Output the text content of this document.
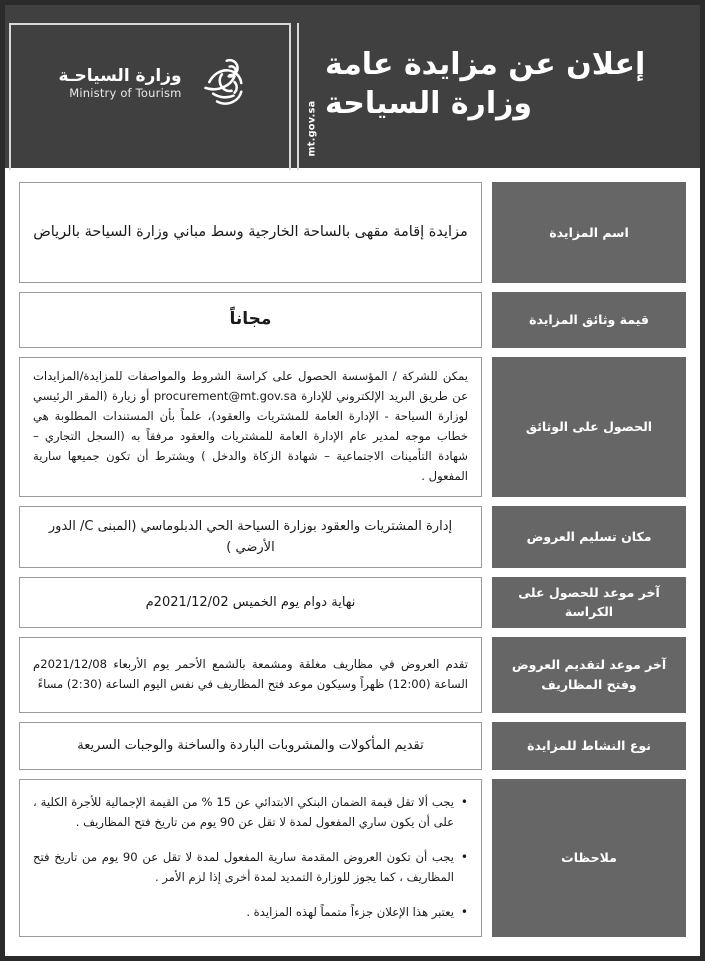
وزارة السياحـة
Ministry of Tourism
mt.gov.sa
إعلان عن مزايدة عامة
وزارة السياحة
اسم المزايدة
مزايدة إقامة مقهى بالساحة الخارجية وسط مباني وزارة السياحة بالرياض
قيمة وثائق المزايدة
مجاناً
الحصول على الوثائق
يمكن للشركة / المؤسسة الحصول على كراسة الشروط والمواصفات للمزايدة/المزايدات عن طريق البريد الإلكتروني للإدارة procurement@mt.gov.sa أو زيارة (المقر الرئيسي لوزارة السياحة - الإدارة العامة للمشتريات والعقود)، علماً بأن المستندات المطلوبة هي خطاب موجه لمدير عام الإدارة العامة للمشتريات والعقود مرفقاً به (السجل التجاري – شهادة التأمينات الاجتماعية – شهادة الزكاة والدخل ) ويشترط أن تكون جميعها سارية المفعول .
مكان تسليم العروض
إدارة المشتريات والعقود بوزارة السياحة الحي الدبلوماسي (المبنى C/ الدور الأرضي )
آخر موعد للحصول على الكراسة
نهاية دوام يوم الخميس 2021/12/02م
آخر موعد لتقديم العروض وفتح المظاريف
تقدم العروض في مظاريف مغلقة ومشمعة بالشمع الأحمر يوم الأربعاء 2021/12/08م الساعة (12:00) ظهراً وسيكون موعد فتح المظاريف في نفس اليوم الساعة (2:30) مساءً
نوع النشاط للمزايدة
تقديم المأكولات والمشروبات الباردة والساخنة والوجبات السريعة
ملاحظات
• يجب ألا تقل قيمة الضمان البنكي الابتدائي عن 15 % من القيمة الإجمالية للأجرة الكلية ، على أن يكون ساري المفعول لمدة لا تقل عن 90 يوم من تاريخ فتح المظاريف .
• يجب أن تكون العروض المقدمة سارية المفعول لمدة لا تقل عن 90 يوم من تاريخ فتح المظاريف ، كما يجوز للوزارة التمديد لمدة أخرى إذا لزم الأمر .
• يعتبر هذا الإعلان جزءاً متمماً لهذه المزايدة .
